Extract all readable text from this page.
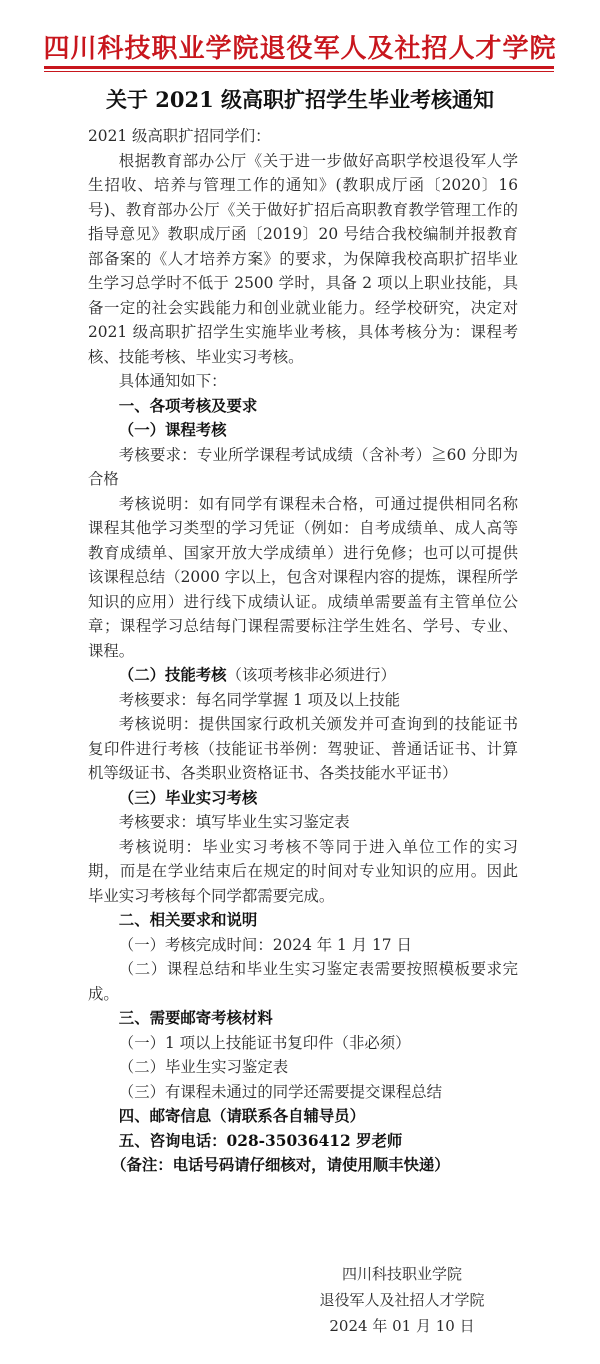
四川科技职业学院退役军人及社招人才学院
关于 2021 级高职扩招学生毕业考核通知

2021 级高职扩招同学们：

根据教育部办公厅《关于进一步做好高职学校退役军人学生招收、培养与管理工作的通知》(教职成厅函〔2020〕16号)、教育部办公厅《关于做好扩招后高职教育教学管理工作的指导意见》教职成厅函〔2019〕20 号结合我校编制并报教育部备案的《人才培养方案》的要求，为保障我校高职扩招毕业生学习总学时不低于 2500 学时，具备 2 项以上职业技能，具备一定的社会实践能力和创业就业能力。经学校研究，决定对 2021 级高职扩招学生实施毕业考核，具体考核分为：课程考核、技能考核、毕业实习考核。

具体通知如下：

一、各项考核及要求

（一）课程考核

考核要求：专业所学课程考试成绩（含补考）≧60 分即为合格

考核说明：如有同学有课程未合格，可通过提供相同名称课程其他学习类型的学习凭证（例如：自考成绩单、成人高等教育成绩单、国家开放大学成绩单）进行免修；也可以可提供该课程总结（2000 字以上，包含对课程内容的提炼，课程所学知识的应用）进行线下成绩认证。成绩单需要盖有主管单位公章；课程学习总结每门课程需要标注学生姓名、学号、专业、课程。

（二）技能考核（该项考核非必须进行）

考核要求：每名同学掌握 1 项及以上技能

考核说明：提供国家行政机关颁发并可查询到的技能证书复印件进行考核（技能证书举例：驾驶证、普通话证书、计算机等级证书、各类职业资格证书、各类技能水平证书）

（三）毕业实习考核

考核要求：填写毕业生实习鉴定表

考核说明：毕业实习考核不等同于进入单位工作的实习期，而是在学业结束后在规定的时间对专业知识的应用。因此毕业实习考核每个同学都需要完成。

二、相关要求和说明

（一）考核完成时间：2024 年 1 月 17 日

（二）课程总结和毕业生实习鉴定表需要按照模板要求完成。

三、需要邮寄考核材料

（一）1 项以上技能证书复印件（非必须）

（二）毕业生实习鉴定表

（三）有课程未通过的同学还需要提交课程总结

四、邮寄信息（请联系各自辅导员）

五、咨询电话：028-35036412 罗老师

（备注：电话号码请仔细核对，请使用顺丰快递）

四川科技职业学院
退役军人及社招人才学院
2024 年 01 月 10 日
